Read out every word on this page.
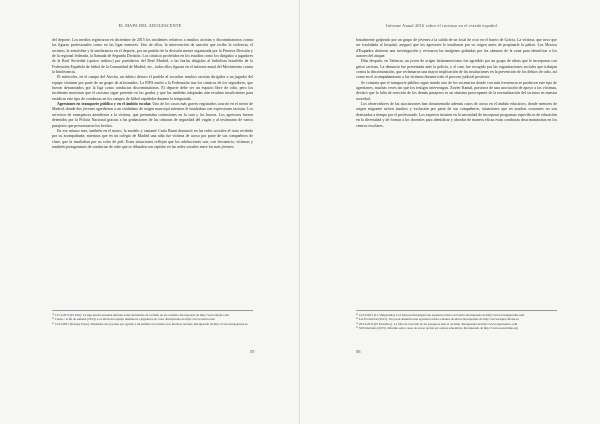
EL MAPA DEL ADOLESCENTE

del deporte. Los medios registraron en diciembre de 2015 los incidentes relativos a insultos racistas y discriminatorios contra las figuras profesionales como en las ligas menores. Uno de ellos, la intervención de sanción que recibe la violencia, el racismo, la xenofobia y la intolerancia en el deporte, por un partido de la división menor organizada por la Primera División y de la regional federada, la llamada de Segunda División. Los cánticos proferidos en los estadios como los dirigidos a jugadores de la Real Sociedad («putos indios») por partidarios del Real Madrid, o las burlas dirigidas al futbolista brasileño de la Federación Española de fútbol de la Comunidad de Madrid, etc., todos ellos figuran en el informe anual del Movimiento contra la Intolerancia.

El miércoles, en el campo del Atocha, un árbitro detuvo el partido al escuchar insultos racistas dirigidos a un jugador del equipo visitante por parte de un grupo de aficionados. La FIFA multó a la Federación tras los cánticos de los seguidores, que fueron denunciados por la liga como conductas discriminatorias. El deporte debe ser un espacio libre de odio, pero los incidentes muestran que el racismo sigue presente en las gradas y que las medidas adoptadas aún resultan insuficientes para erradicar este tipo de conductas en los campos de fútbol españoles durante la temporada.

Agresiones en transporte público y en el ámbito escolar. Uno de los casos más graves registrados ocurrió en el metro de Madrid, donde dos jóvenes agredieron a un ciudadano de origen marroquí mientras le insultaban con expresiones racistas. Los servicios de emergencia atendieron a la víctima, que presentaba contusiones en la cara y los brazos. Los agresores fueron detenidos por la Policía Nacional gracias a las grabaciones de las cámaras de seguridad del vagón y al testimonio de varios pasajeros que presenciaron los hechos.

En ese mismo mes, también en el metro, la modelo y cantante Carla Bruni denunció en las redes sociales el trato recibido por su acompañante, mientras que en un colegio de Madrid una niña fue víctima de acoso por parte de sus compañeros de clase, que la insultaban por su color de piel. Estas situaciones reflejan que los adolescentes son, con frecuencia, víctimas y también protagonistas de conductas de odio que se difunden con rapidez en las redes sociales entre los más jóvenes.

¹⁰ 13/11/2015 (El País). La liga estatal presenta informe sobre incidentes de racismo en los estadios. Recuperado de http://www.elpais.com
¹¹ Cuatro / A fin de semana (2015). Los ultras del equipo insultaron a jugadores de color. Recuperado de http://www.cuatro.com
¹² 13/12/2015 (Europa Press). Detenidos dos jóvenes por agredir a un hombre en el metro por motivos racistas. Recuperado de http://www.europapress.es
55
Informe Anual 2016 sobre el racismo en el estado español

brutalmente golpeado por un grupo de jóvenes a la salida de un local de ocio en el barrio de Gràcia. La víctima, que tuvo que ser trasladada al hospital, aseguró que los agresores le insultaron por su origen antes de propinarle la paliza. Los Mossos d'Esquadra abrieron una investigación y revisaron las imágenes grabadas por las cámaras de la zona para identificar a los autores del ataque.

Días después, en Valencia, un joven de origen latinoamericano fue agredido por un grupo de ultras que le increparon con gritos racistas. La denuncia fue presentada ante la policía, y el caso fue recogido por las organizaciones sociales que trabajan contra la discriminación, que reclamaron una mayor implicación de las instituciones en la prevención de los delitos de odio, así como en el acompañamiento a las víctimas durante todo el proceso judicial posterior.

Se constata que el transporte público sigue siendo uno de los escenarios donde con más frecuencia se producen este tipo de agresiones, muchas veces sin que los testigos intervengan. Xavier Kamal, portavoz de una asociación de apoyo a las víctimas, declaró que la falta de reacción de los demás pasajeros es un síntoma preocupante de la normalización del racismo en nuestra sociedad.

Los observadores de las asociaciones han documentado además casos de acoso en el ámbito educativo, donde menores de origen migrante sufren insultos y exclusión por parte de sus compañeros, situaciones que en muchas ocasiones no son detectadas a tiempo por el profesorado. Los expertos insisten en la necesidad de incorporar programas específicos de educación en la diversidad y de formar a los docentes para identificar y abordar de manera eficaz estas conductas discriminatorias en los centros escolares.

¹³ 14/12/2015 (La Vanguardia). Los Mossos investigan una agresión racista en Gràcia. Recuperado de http://www.lavanguardia.com
¹⁴ Las Provincias (2015). Un joven denuncia una agresión racista a manos de ultras. Recuperado de http://www.lasprovincias.es
¹⁵ 20/12/2015 (El Periódico). La falta de reacción de los pasajeros ante el racismo. Recuperado de http://www.elperiodico.com
¹⁶ SOS Racismo (2015). Informe sobre casos de acoso racista en centros educativos. Recuperado de http://www.sosracisme.org
56
